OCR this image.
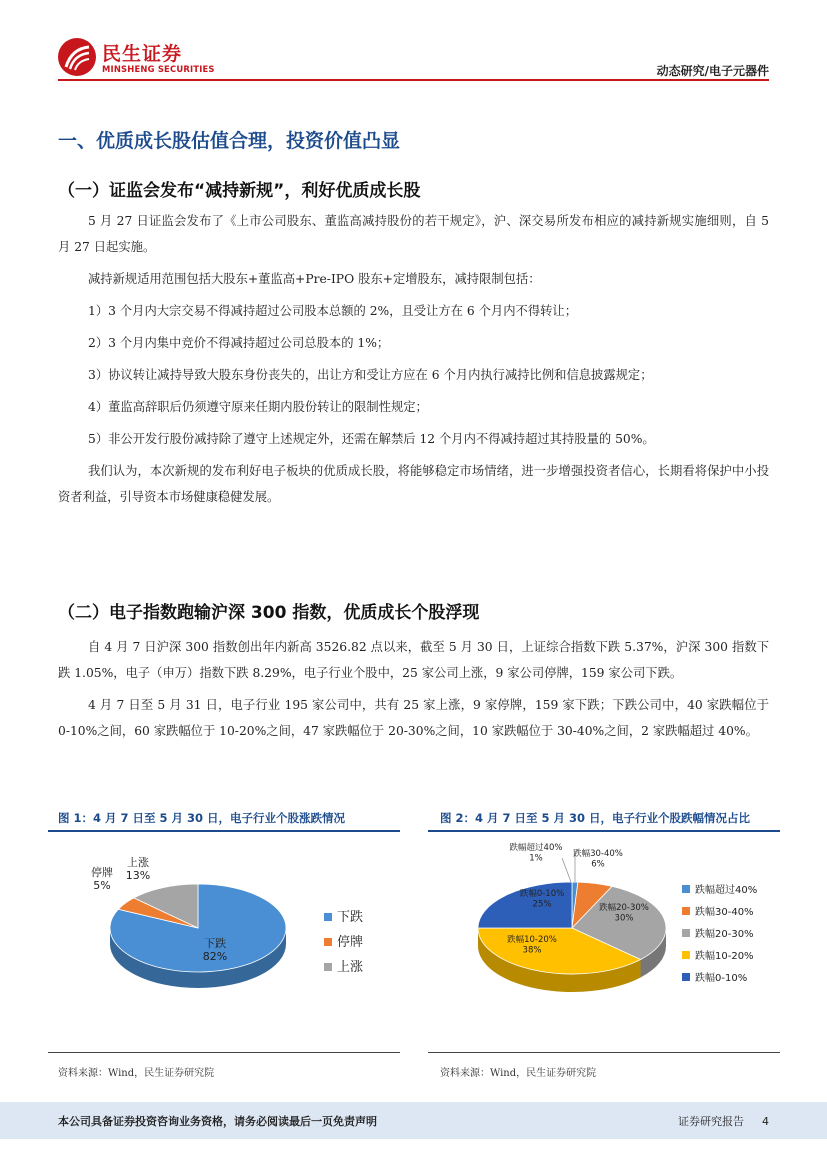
民生证券
MINSHENG SECURITIES	动态研究/电子元器件
一、优质成长股估值合理，投资价值凸显
（一）证监会发布“减持新规”，利好优质成长股

5 月 27 日证监会发布了《上市公司股东、董监高减持股份的若干规定》，沪、深交易所发布相应的减持新规实施细则，自 5 月 27 日起实施。

减持新规适用范围包括大股东+董监高+Pre-IPO 股东+定增股东，减持限制包括：

1）3 个月内大宗交易不得减持超过公司股本总额的 2%，且受让方在 6 个月内不得转让；

2）3 个月内集中竞价不得减持超过公司总股本的 1%；

3）协议转让减持导致大股东身份丧失的，出让方和受让方应在 6 个月内执行减持比例和信息披露规定；

4）董监高辞职后仍须遵守原来任期内股份转让的限制性规定；

5）非公开发行股份减持除了遵守上述规定外，还需在解禁后 12 个月内不得减持超过其持股量的 50%。

我们认为，本次新规的发布利好电子板块的优质成长股，将能够稳定市场情绪，进一步增强投资者信心，长期看将保护中小投资者利益，引导资本市场健康稳健发展。

（二）电子指数跑输沪深 300 指数，优质成长个股浮现

自 4 月 7 日沪深 300 指数创出年内新高 3526.82 点以来，截至 5 月 30 日，上证综合指数下跌 5.37%，沪深 300 指数下跌 1.05%，电子（申万）指数下跌 8.29%，电子行业个股中，25 家公司上涨，9 家公司停牌，159 家公司下跌。

4 月 7 日至 5 月 31 日，电子行业 195 家公司中，共有 25 家上涨，9 家停牌，159 家下跌；下跌公司中，40 家跌幅位于 0-10%之间，60 家跌幅位于 10-20%之间，47 家跌幅位于 20-30%之间，10 家跌幅位于 30-40%之间，2 家跌幅超过 40%。

图 1：4 月 7 日至 5 月 30 日，电子行业个股涨跌情况	图 2：4 月 7 日至 5 月 30 日，电子行业个股跌幅情况占比
下跌
82%
停牌
5%
上涨
13%
下跌
停牌
上涨
跌幅超过40%
1%	跌幅30-40%
6%
跌幅20-30%
30%
跌幅10-20%
38%
跌幅0-10%
25%
跌幅超过40%
跌幅30-40%
跌幅20-30%
跌幅10-20%
跌幅0-10%
资料来源：Wind，民生证券研究院	资料来源：Wind，民生证券研究院
本公司具备证券投资咨询业务资格，请务必阅读最后一页免责声明	证券研究报告 4
